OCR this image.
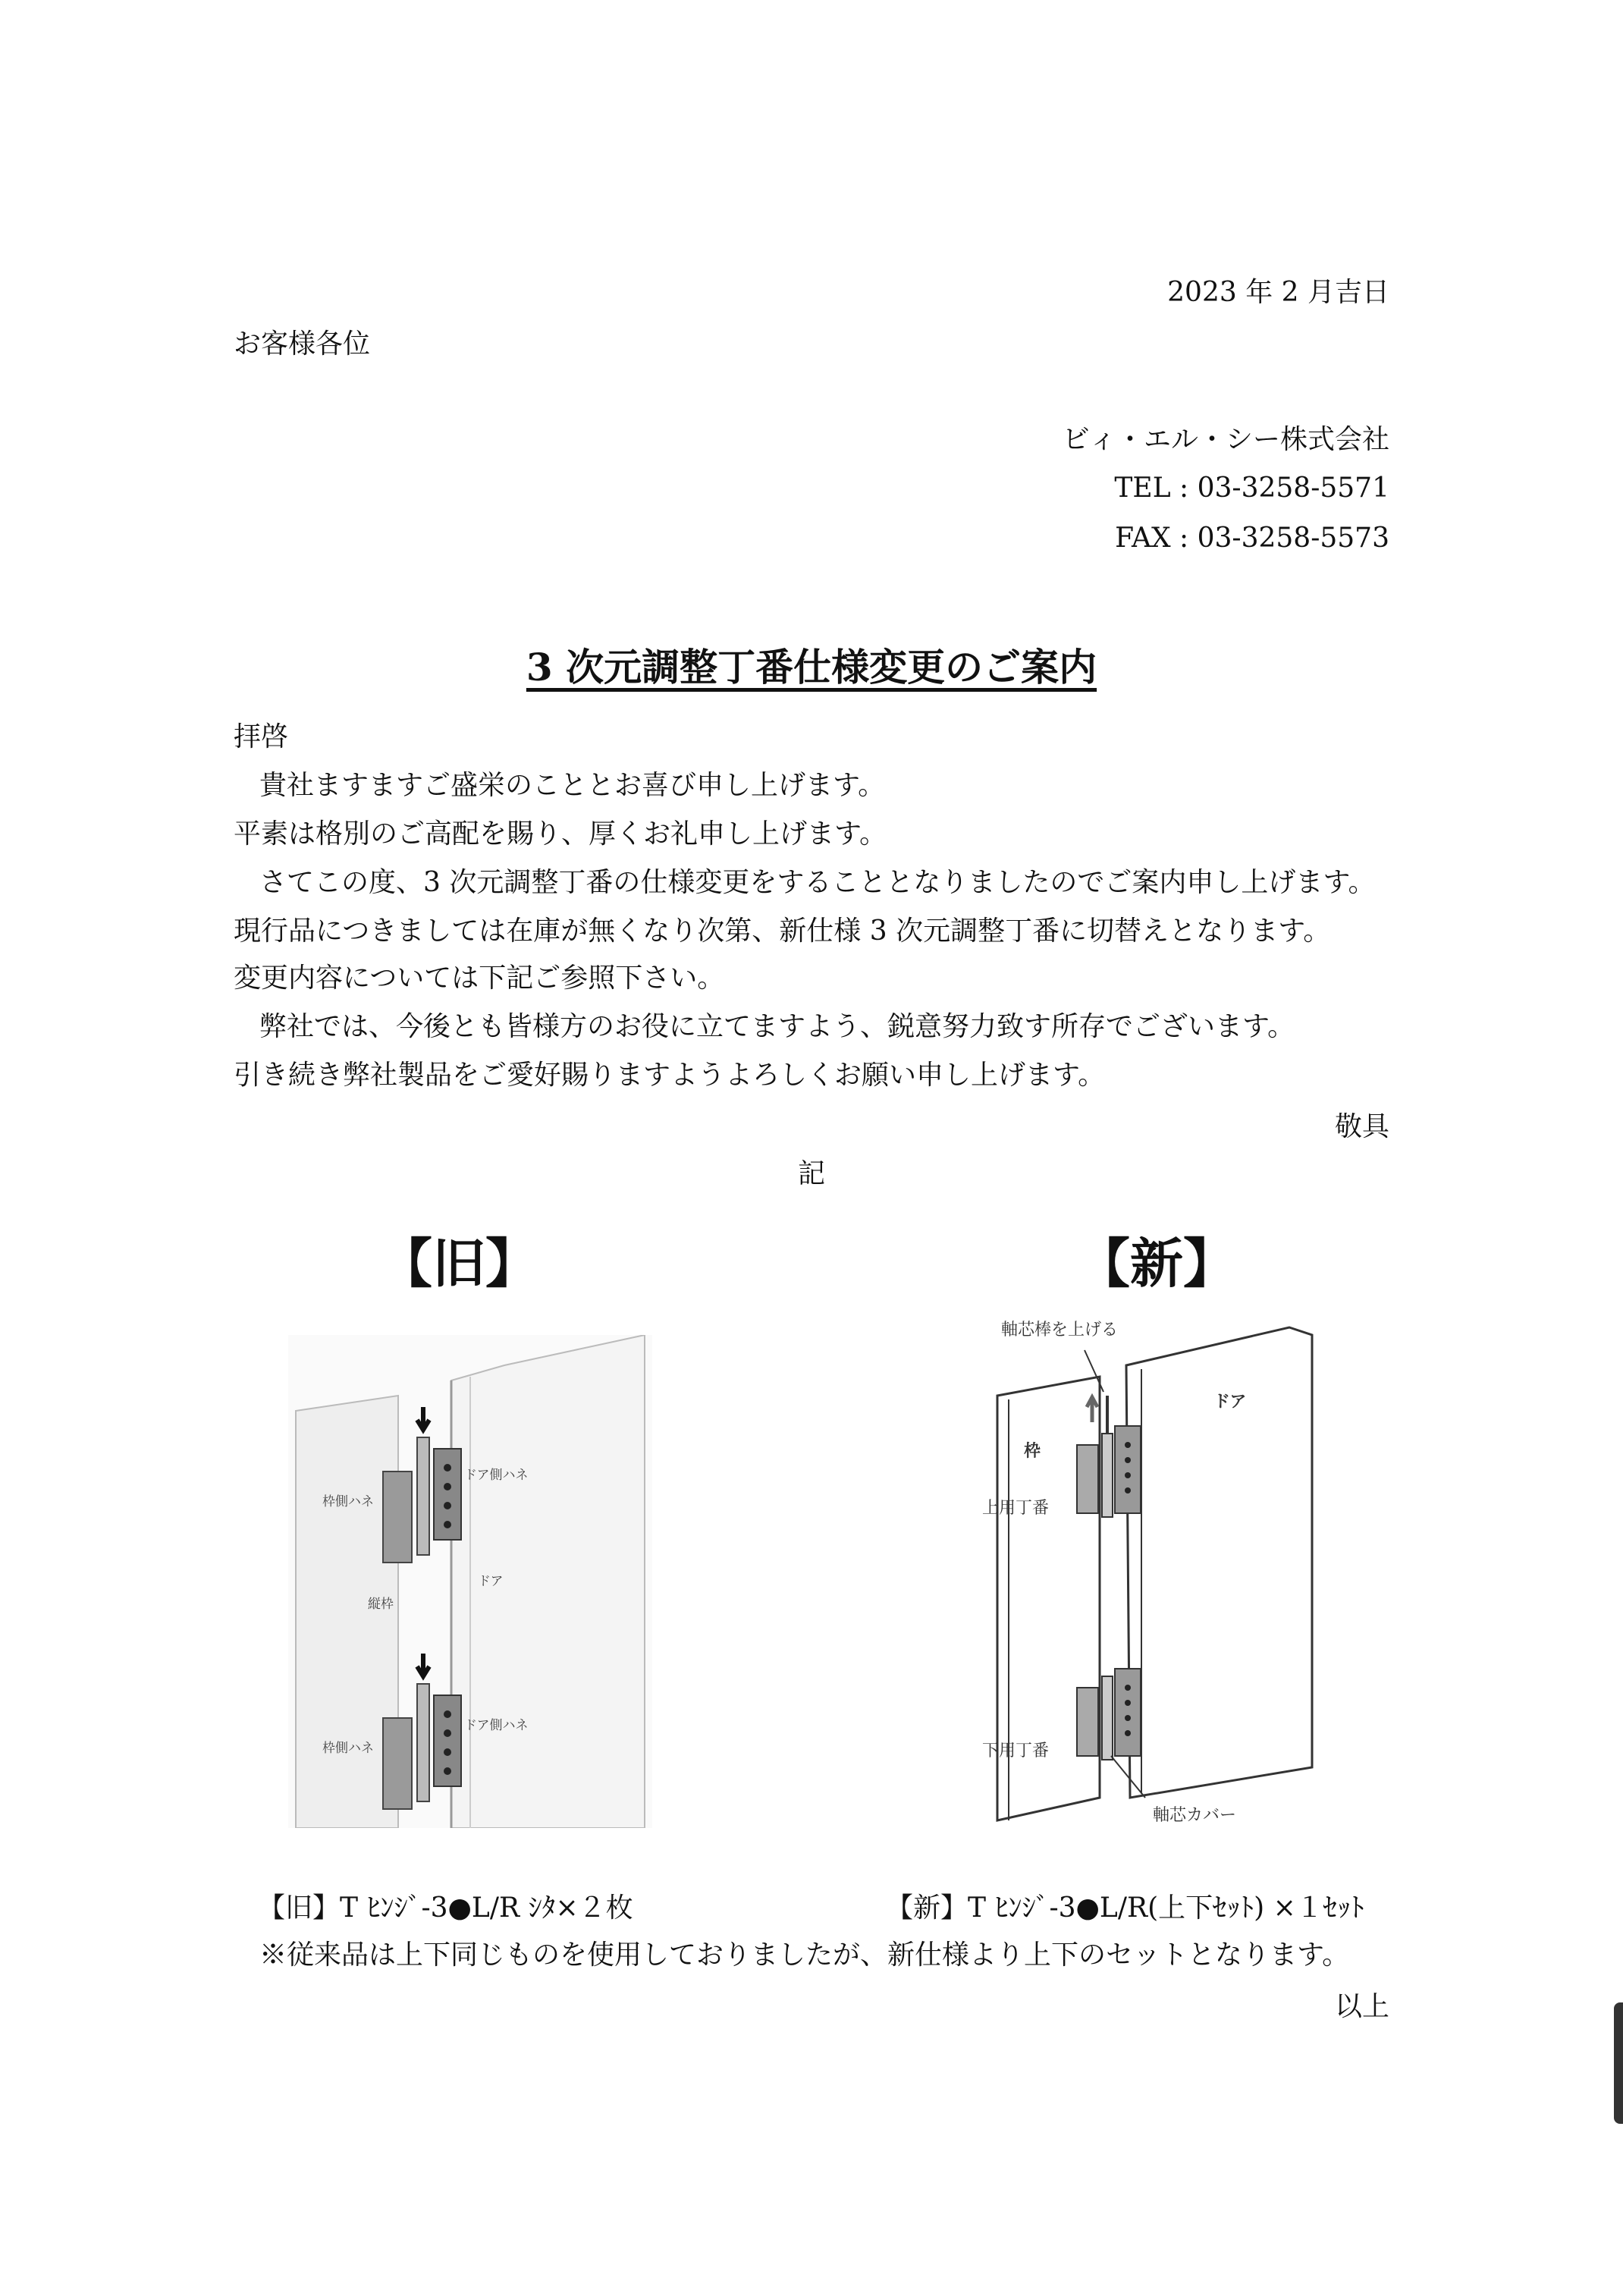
2023 年 2 月吉日
お客様各位
ビィ・エル・シー株式会社
TEL : 03-3258-5571
FAX : 03-3258-5573
3 次元調整丁番仕様変更のご案内
拝啓
貴社ますますご盛栄のこととお喜び申し上げます。
平素は格別のご高配を賜り、厚くお礼申し上げます。
さてこの度、3 次元調整丁番の仕様変更をすることとなりましたのでご案内申し上げます。
現行品につきましては在庫が無くなり次第、新仕様 3 次元調整丁番に切替えとなります。
変更内容については下記ご参照下さい。
弊社では、今後とも皆様方のお役に立てますよう、鋭意努力致す所存でございます。
引き続き弊社製品をご愛好賜りますようよろしくお願い申し上げます。
敬具
記
【旧】	【新】
枠側ハネ
ドア側ハネ
縦枠
ドア
枠側ハネ
ドア側ハネ
軸芯棒を上げる
ドア
枠
上用丁番
下用丁番
軸芯カバー
【旧】T ﾋﾝｼﾞ-3●L/R ｼﾀ×２枚	【新】T ﾋﾝｼﾞ-3●L/R(上下ｾｯﾄ) ×１ｾｯﾄ
※従来品は上下同じものを使用しておりましたが、新仕様より上下のセットとなります。
以上
